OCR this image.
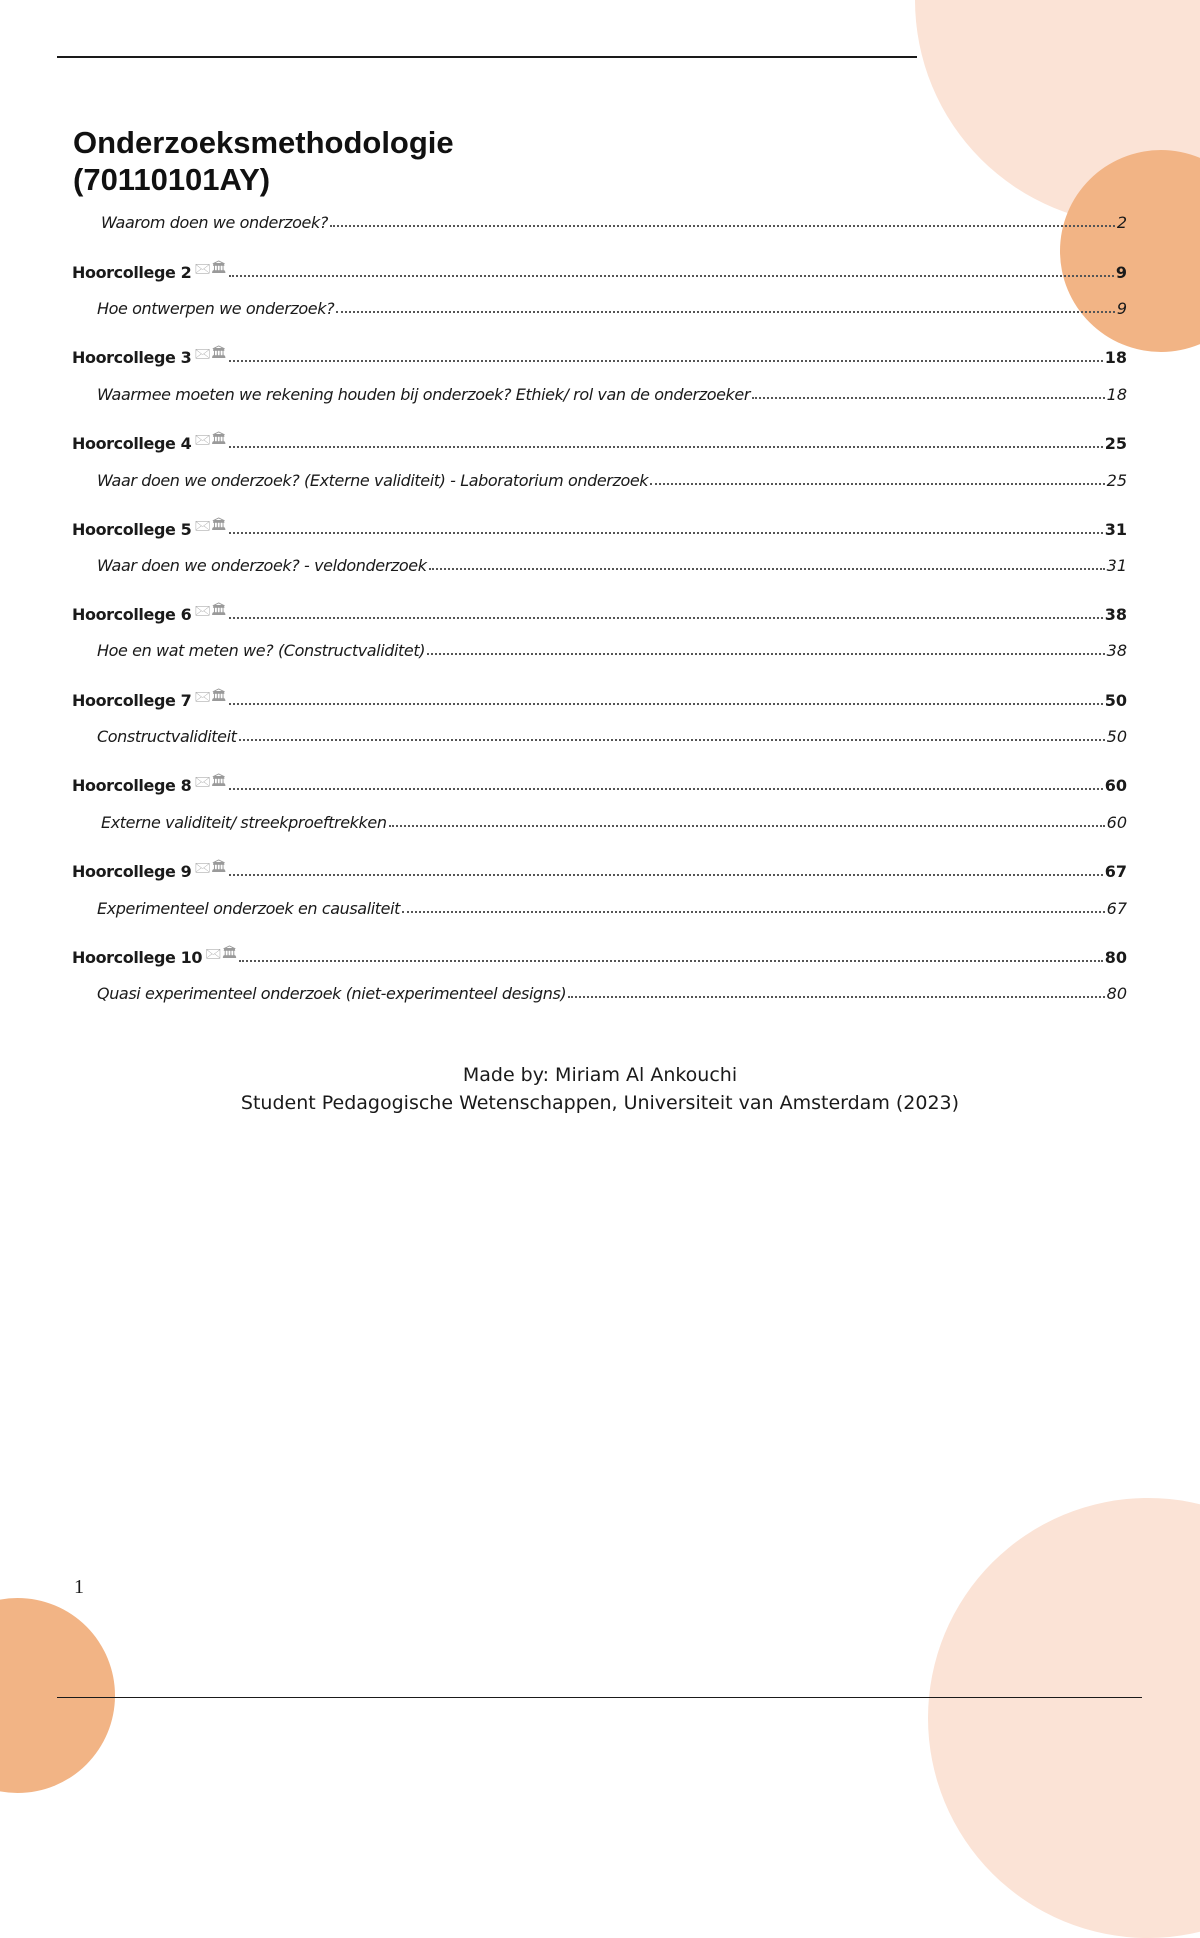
Onderzoeksmethodologie
(70110101AY)
Waarom doen we onderzoek?	2
Hoorcollege 2 🖂🏛	9
Hoe ontwerpen we onderzoek?	9
Hoorcollege 3 🖂🏛	18
Waarmee moeten we rekening houden bij onderzoek? Ethiek/ rol van de onderzoeker	18
Hoorcollege 4 🖂🏛	25
Waar doen we onderzoek? (Externe validiteit) - Laboratorium onderzoek	25
Hoorcollege 5 🖂🏛	31
Waar doen we onderzoek? - veldonderzoek	31
Hoorcollege 6 🖂🏛	38
Hoe en wat meten we? (Constructvaliditet)	38
Hoorcollege 7 🖂🏛	50
Constructvaliditeit	50
Hoorcollege 8 🖂🏛	60
Externe validiteit/ streekproeftrekken	60
Hoorcollege 9 🖂🏛	67
Experimenteel onderzoek en causaliteit	67
Hoorcollege 10 🖂🏛	80
Quasi experimenteel onderzoek (niet-experimenteel designs)	80
Made by: Miriam Al Ankouchi
Student Pedagogische Wetenschappen, Universiteit van Amsterdam (2023)
1
